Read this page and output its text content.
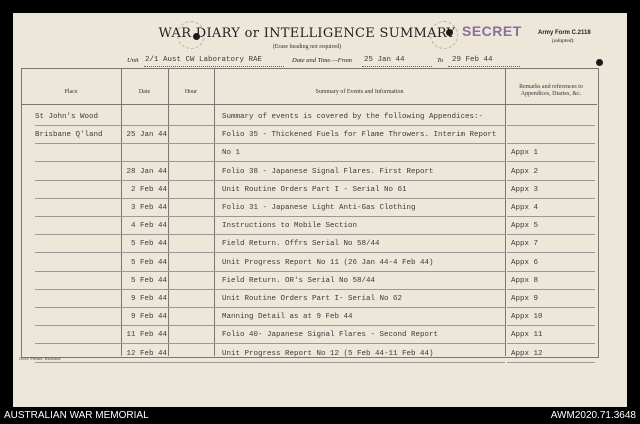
WAR DIARY or INTELLIGENCE SUMMARY
(Erase heading not required)
SECRET	Army Form C.2118
(adapted).
Unit 2/1 Aust CW Laboratory RAE	Date and Time.—From 25 Jan 44	To 29 Feb 44
Place	Date	Hour	Summary of Events and Information
Remarks and references to
Appendices, Diaries, &c.
St John's Wood	Summary of events is covered by the following Appendices:-
Brisbane Q'land	25 Jan 44	Folio 35 - Thickened Fuels for Flame Throwers. Interim Report
No 1	Appx 1
28 Jan 44	Folio 38 - Japanese Signal Flares. First Report	Appx 2
2 Feb 44	Unit Routine Orders Part I - Serial No 61	Appx 3
3 Feb 44	Folio 31 - Japanese Light Anti-Gas Clothing	Appx 4
4 Feb 44	Instructions to Mobile Section	Appx 5
5 Feb 44	Field Return. Offrs Serial No 58/44	Appx 7
5 Feb 44	Unit Progress Report No 11 (26 Jan 44-4 Feb 44)	Appx 6
5 Feb 44	Field Return. OR's Serial No 58/44	Appx 8
9 Feb 44	Unit Routine Orders Part I- Serial No 62	Appx 9
9 Feb 44	Manning Detail as at 9 Feb 44	Appx 10
11 Feb 44	Folio 40- Japanese Signal Flares - Second Report	Appx 11
12 Feb 44	Unit Progress Report No 12 (5 Feb 44-11 Feb 44)	Appx 12
Govt. Printer, Brisbane
AUSTRALIAN WAR MEMORIAL	AWM2020.71.3648
